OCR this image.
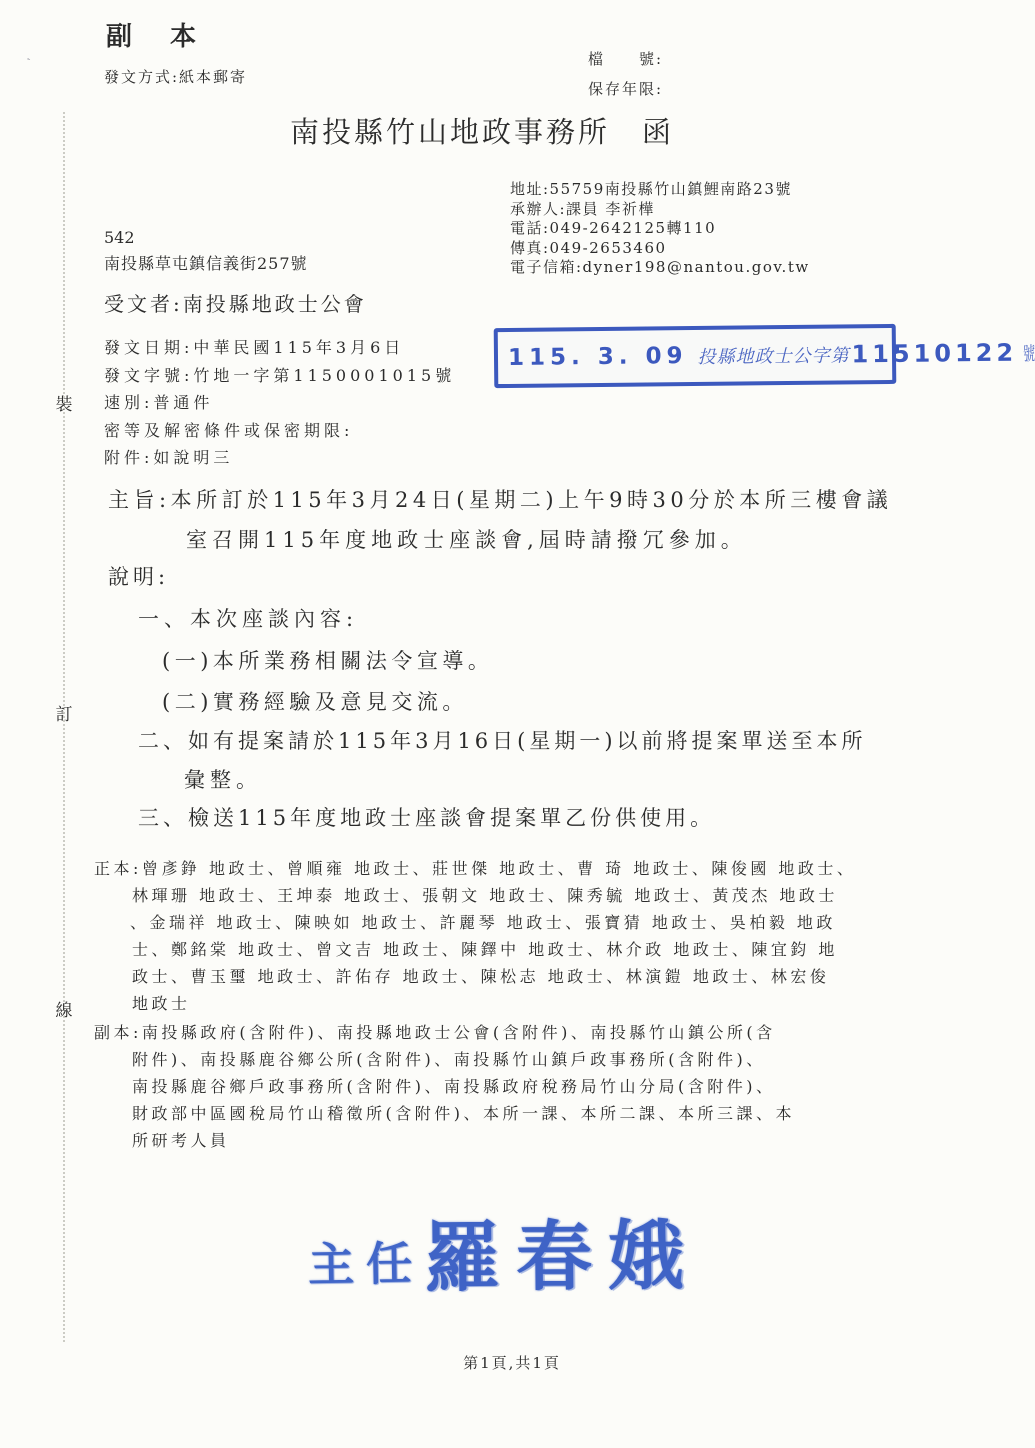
ˏ
副　本
發文方式:紙本郵寄
檔　　號:
保存年限:
南投縣竹山地政事務所　函
地址:55759南投縣竹山鎮鯉南路23號
承辦人:課員 李祈樺
電話:049-2642125轉110
傳真:049-2653460
電子信箱:dyner198@nantou.gov.tw
542
南投縣草屯鎮信義街257號
受文者:南投縣地政士公會
發文日期:中華民國115年3月6日
發文字號:竹地一字第1150001015號
速別:普通件
密等及解密條件或保密期限:
附件:如說明三
115. 3. 09 投縣地政士公字第 11510122 號
主旨:本所訂於115年3月24日(星期二)上午9時30分於本所三樓會議
室召開115年度地政士座談會,屆時請撥冗參加。
說明:
一、本次座談內容:
(一)本所業務相關法令宣導。
(二)實務經驗及意見交流。
二、如有提案請於115年3月16日(星期一)以前將提案單送至本所
彙整。
三、檢送115年度地政士座談會提案單乙份供使用。
正本:曾彥錚 地政士、曾順雍 地政士、莊世傑 地政士、曹 琦 地政士、陳俊國 地政士、
林琿珊 地政士、王坤泰 地政士、張朝文 地政士、陳秀毓 地政士、黃茂杰 地政士
、金瑞祥 地政士、陳映如 地政士、許麗琴 地政士、張寶猜 地政士、吳柏毅 地政
士、鄭銘棠 地政士、曾文吉 地政士、陳鐸中 地政士、林介政 地政士、陳宜鈞 地
政士、曹玉璽 地政士、許佑存 地政士、陳松志 地政士、林演鎧 地政士、林宏俊
地政士
副本:南投縣政府(含附件)、南投縣地政士公會(含附件)、南投縣竹山鎮公所(含
附件)、南投縣鹿谷鄉公所(含附件)、南投縣竹山鎮戶政事務所(含附件)、
南投縣鹿谷鄉戶政事務所(含附件)、南投縣政府稅務局竹山分局(含附件)、
財政部中區國稅局竹山稽徵所(含附件)、本所一課、本所二課、本所三課、本
所研考人員
裝
訂
線
主任 羅春娥
第1頁,共1頁
